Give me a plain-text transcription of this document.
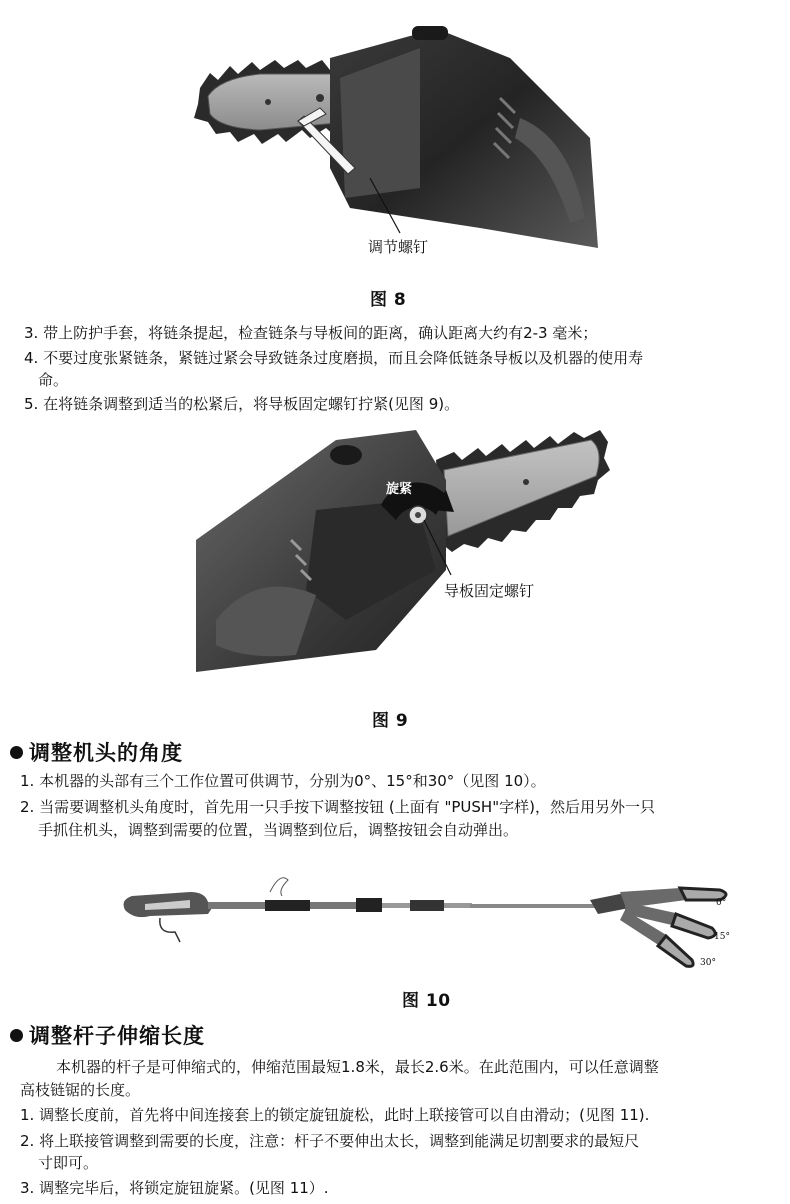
调节螺钉
图 8
3. 带上防护手套，将链条提起，检查链条与导板间的距离，确认距离大约有2-3 毫米；
4. 不要过度张紧链条，紧链过紧会导致链条过度磨损，而且会降低链条导板以及机器的使用寿
命。
5. 在将链条调整到适当的松紧后，将导板固定螺钉拧紧(见图 9)。
旋紧
导板固定螺钉
图 9
调整机头的角度
1. 本机器的头部有三个工作位置可供调节，分别为0°、15°和30°（见图 10）。
2. 当需要调整机头角度时，首先用一只手按下调整按钮 (上面有 "PUSH"字样)，然后用另外一只
手抓住机头，调整到需要的位置，当调整到位后，调整按钮会自动弹出。
0°
15°
30°
图 10
调整杆子伸缩长度
本机器的杆子是可伸缩式的，伸缩范围最短1.8米，最长2.6米。在此范围内，可以任意调整
高枝链锯的长度。
1. 调整长度前，首先将中间连接套上的锁定旋钮旋松，此时上联接管可以自由滑动；(见图 11).
2. 将上联接管调整到需要的长度，注意：杆子不要伸出太长，调整到能满足切割要求的最短尺
寸即可。
3. 调整完毕后，将锁定旋钮旋紧。(见图 11）.
